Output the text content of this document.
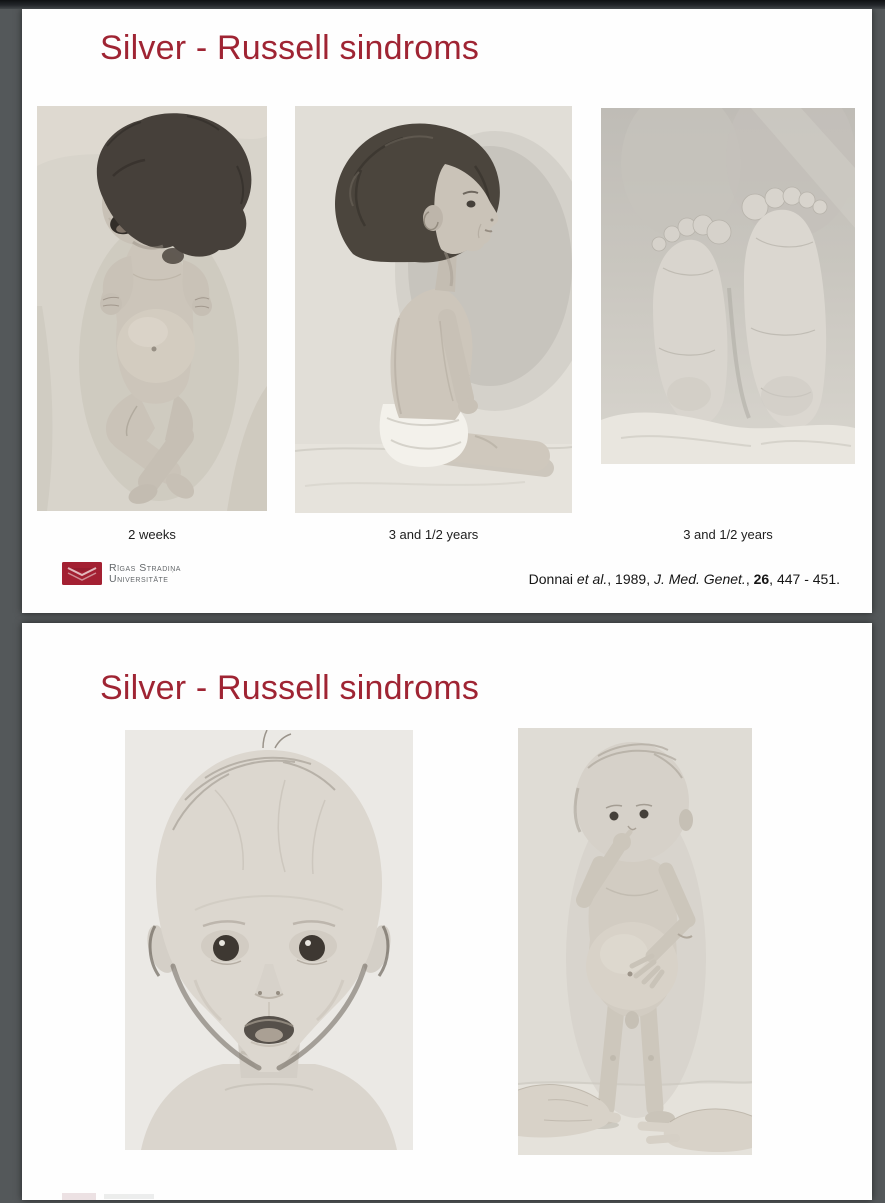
Silver - Russell sindroms
2 weeks	3 and 1/2 years	3 and 1/2 years
Rīgas Stradiņa
Universitāte	Donnai et al., 1989, J. Med. Genet., 26, 447 - 451.
Silver - Russell sindroms
